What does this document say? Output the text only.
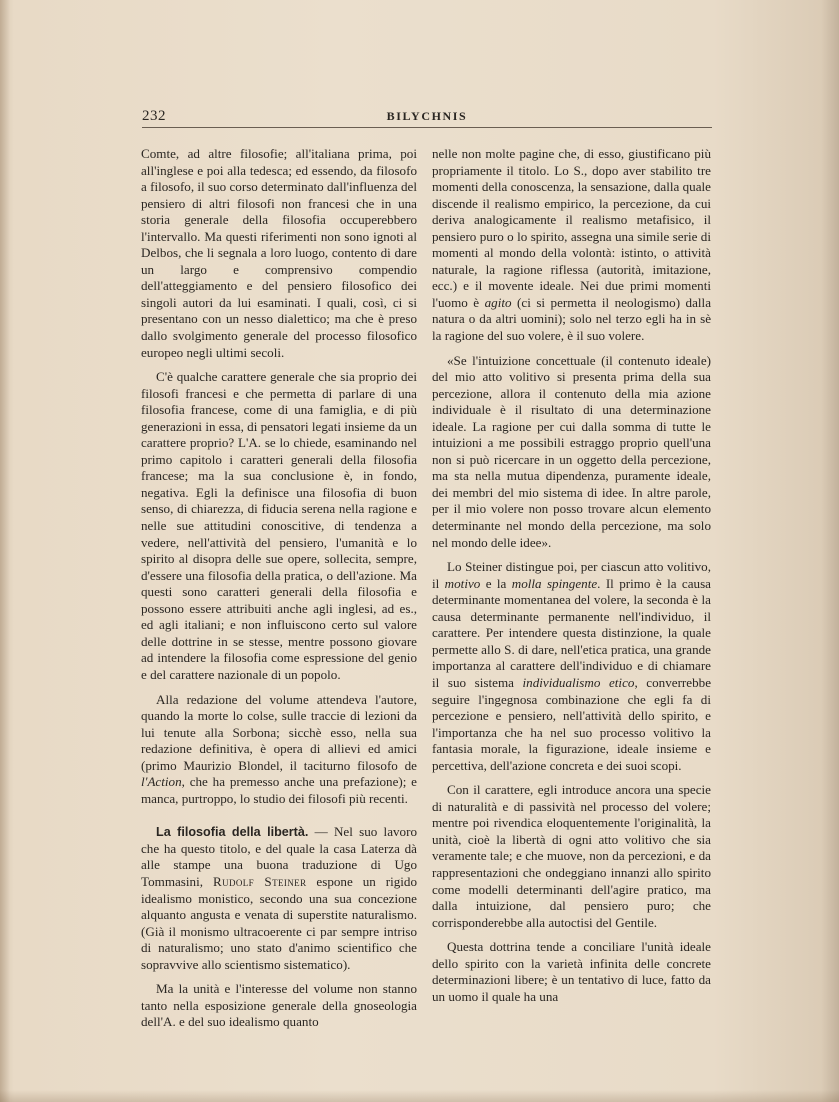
232	BILYCHNIS

Comte, ad altre filosofie; all'italiana prima, poi all'inglese e poi alla tedesca; ed essendo, da filosofo a filosofo, il suo corso determinato dall'influenza del pensiero di altri filosofi non francesi che in una storia generale della filosofia occuperebbero l'intervallo. Ma questi riferimenti non sono ignoti al Delbos, che li segnala a loro luogo, contento di dare un largo e comprensivo compendio dell'atteggiamento e del pensiero filosofico dei singoli autori da lui esaminati. I quali, così, ci si presentano con un nesso dialettico; ma che è preso dallo svolgimento generale del processo filosofico europeo negli ultimi secoli.

C'è qualche carattere generale che sia proprio dei filosofi francesi e che permetta di parlare di una filosofia francese, come di una famiglia, e di più generazioni in essa, di pensatori legati insieme da un carattere proprio? L'A. se lo chiede, esaminando nel primo capitolo i caratteri generali della filosofia francese; ma la sua conclusione è, in fondo, negativa. Egli la definisce una filosofia di buon senso, di chiarezza, di fiducia serena nella ragione e nelle sue attitudini conoscitive, di tendenza a vedere, nell'attività del pensiero, l'umanità e lo spirito al disopra delle sue opere, sollecita, sempre, d'essere una filosofia della pratica, o dell'azione. Ma questi sono caratteri generali della filosofia e possono essere attribuiti anche agli inglesi, ad es., ed agli italiani; e non influiscono certo sul valore delle dottrine in se stesse, mentre possono giovare ad intendere la filosofia come espressione del genio e del carattere nazionale di un popolo.

Alla redazione del volume attendeva l'autore, quando la morte lo colse, sulle traccie di lezioni da lui tenute alla Sorbona; sicchè esso, nella sua redazione definitiva, è opera di allievi ed amici (primo Maurizio Blondel, il taciturno filosofo de l'Action, che ha premesso anche una prefazione); e manca, purtroppo, lo studio dei filosofi più recenti.

La filosofia della libertà. — Nel suo lavoro che ha questo titolo, e del quale la casa Laterza dà alle stampe una buona traduzione di Ugo Tommasini, Rudolf Steiner espone un rigido idealismo monistico, secondo una sua concezione alquanto angusta e venata di superstite naturalismo. (Già il monismo ultracoerente ci par sempre intriso di naturalismo; uno stato d'animo scientifico che sopravvive allo scientismo sistematico).

Ma la unità e l'interesse del volume non stanno tanto nella esposizione generale della gnoseologia dell'A. e del suo idealismo quanto

nelle non molte pagine che, di esso, giustificano più propriamente il titolo. Lo S., dopo aver stabilito tre momenti della conoscenza, la sensazione, dalla quale discende il realismo empirico, la percezione, da cui deriva analogicamente il realismo metafisico, il pensiero puro o lo spirito, assegna una simile serie di momenti al mondo della volontà: istinto, o attività naturale, la ragione riflessa (autorità, imitazione, ecc.) e il movente ideale. Nei due primi momenti l'uomo è agito (ci si permetta il neologismo) dalla natura o da altri uomini); solo nel terzo egli ha in sè la ragione del suo volere, è il suo volere.

«Se l'intuizione concettuale (il contenuto ideale) del mio atto volitivo si presenta prima della sua percezione, allora il contenuto della mia azione individuale è il risultato di una determinazione ideale. La ragione per cui dalla somma di tutte le intuizioni a me possibili estraggo proprio quell'una non si può ricercare in un oggetto della percezione, ma sta nella mutua dipendenza, puramente ideale, dei membri del mio sistema di idee. In altre parole, per il mio volere non posso trovare alcun elemento determinante nel mondo della percezione, ma solo nel mondo delle idee».

Lo Steiner distingue poi, per ciascun atto volitivo, il motivo e la molla spingente. Il primo è la causa determinante momentanea del volere, la seconda è la causa determinante permanente nell'individuo, il carattere. Per intendere questa distinzione, la quale permette allo S. di dare, nell'etica pratica, una grande importanza al carattere dell'individuo e di chiamare il suo sistema individualismo etico, converrebbe seguire l'ingegnosa combinazione che egli fa di percezione e pensiero, nell'attività dello spirito, e l'importanza che ha nel suo processo volitivo la fantasia morale, la figurazione, ideale insieme e percettiva, dell'azione concreta e dei suoi scopi.

Con il carattere, egli introduce ancora una specie di naturalità e di passività nel processo del volere; mentre poi rivendica eloquentemente l'originalità, la unità, cioè la libertà di ogni atto volitivo che sia veramente tale; e che muove, non da percezioni, e da rappresentazioni che ondeggiano innanzi allo spirito come modelli determinanti dell'agire pratico, ma dalla intuizione, dal pensiero puro; che corrisponderebbe alla autoctisi del Gentile.

Questa dottrina tende a conciliare l'unità ideale dello spirito con la varietà infinita delle concrete determinazioni libere; è un tentativo di luce, fatto da un uomo il quale ha una
